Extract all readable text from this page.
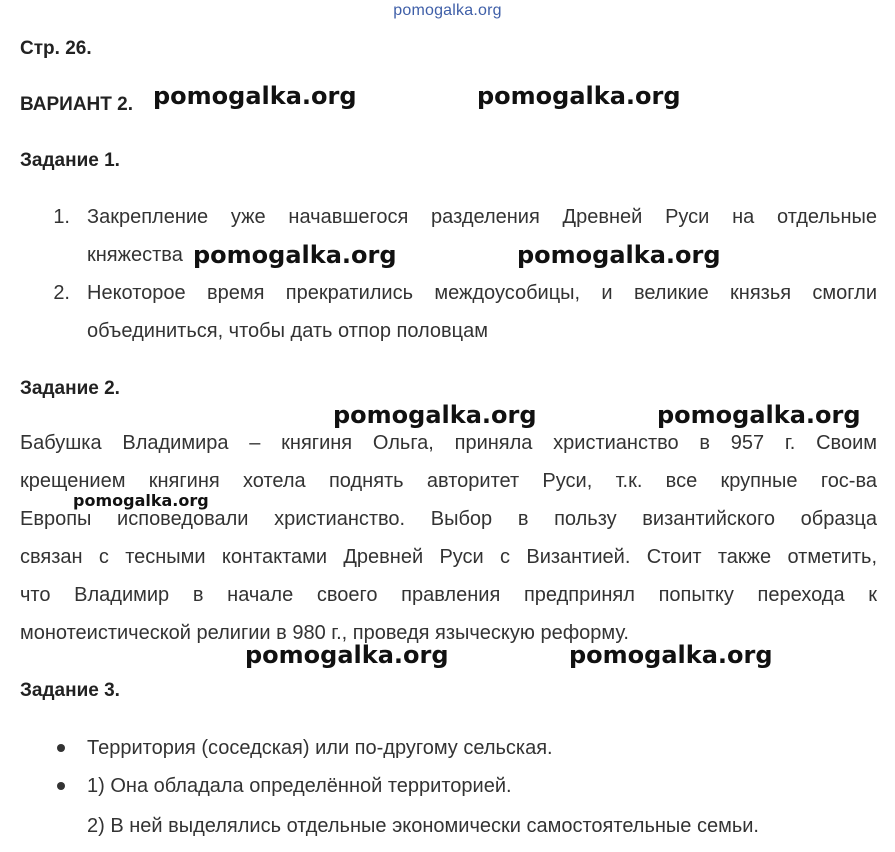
pomogalka.org
Стр. 26.
ВАРИАНТ 2.
Задание 1.
1. Закрепление уже начавшегося разделения Древней Руси на отдельные
княжества
2. Некоторое время прекратились междоусобицы, и великие князья смогли
объединиться, чтобы дать отпор половцам
Задание 2.
Бабушка Владимира – княгиня Ольга, приняла христианство в 957 г. Своим
крещением княгиня хотела поднять авторитет Руси, т.к. все крупные гос-ва
Европы исповедовали христианство. Выбор в пользу византийского образца
связан с тесными контактами Древней Руси с Византией. Стоит также отметить,
что Владимир в начале своего правления предпринял попытку перехода к
монотеистической религии в 980 г., проведя языческую реформу.
Задание 3.
Территория (соседская) или по-другому сельская.
1) Она обладала определённой территорией.
2) В ней выделялись отдельные экономически самостоятельные семьи.
pomogalka.org	pomogalka.org
pomogalka.org	pomogalka.org
pomogalka.org	pomogalka.org
pomogalka.org
pomogalka.org	pomogalka.org
